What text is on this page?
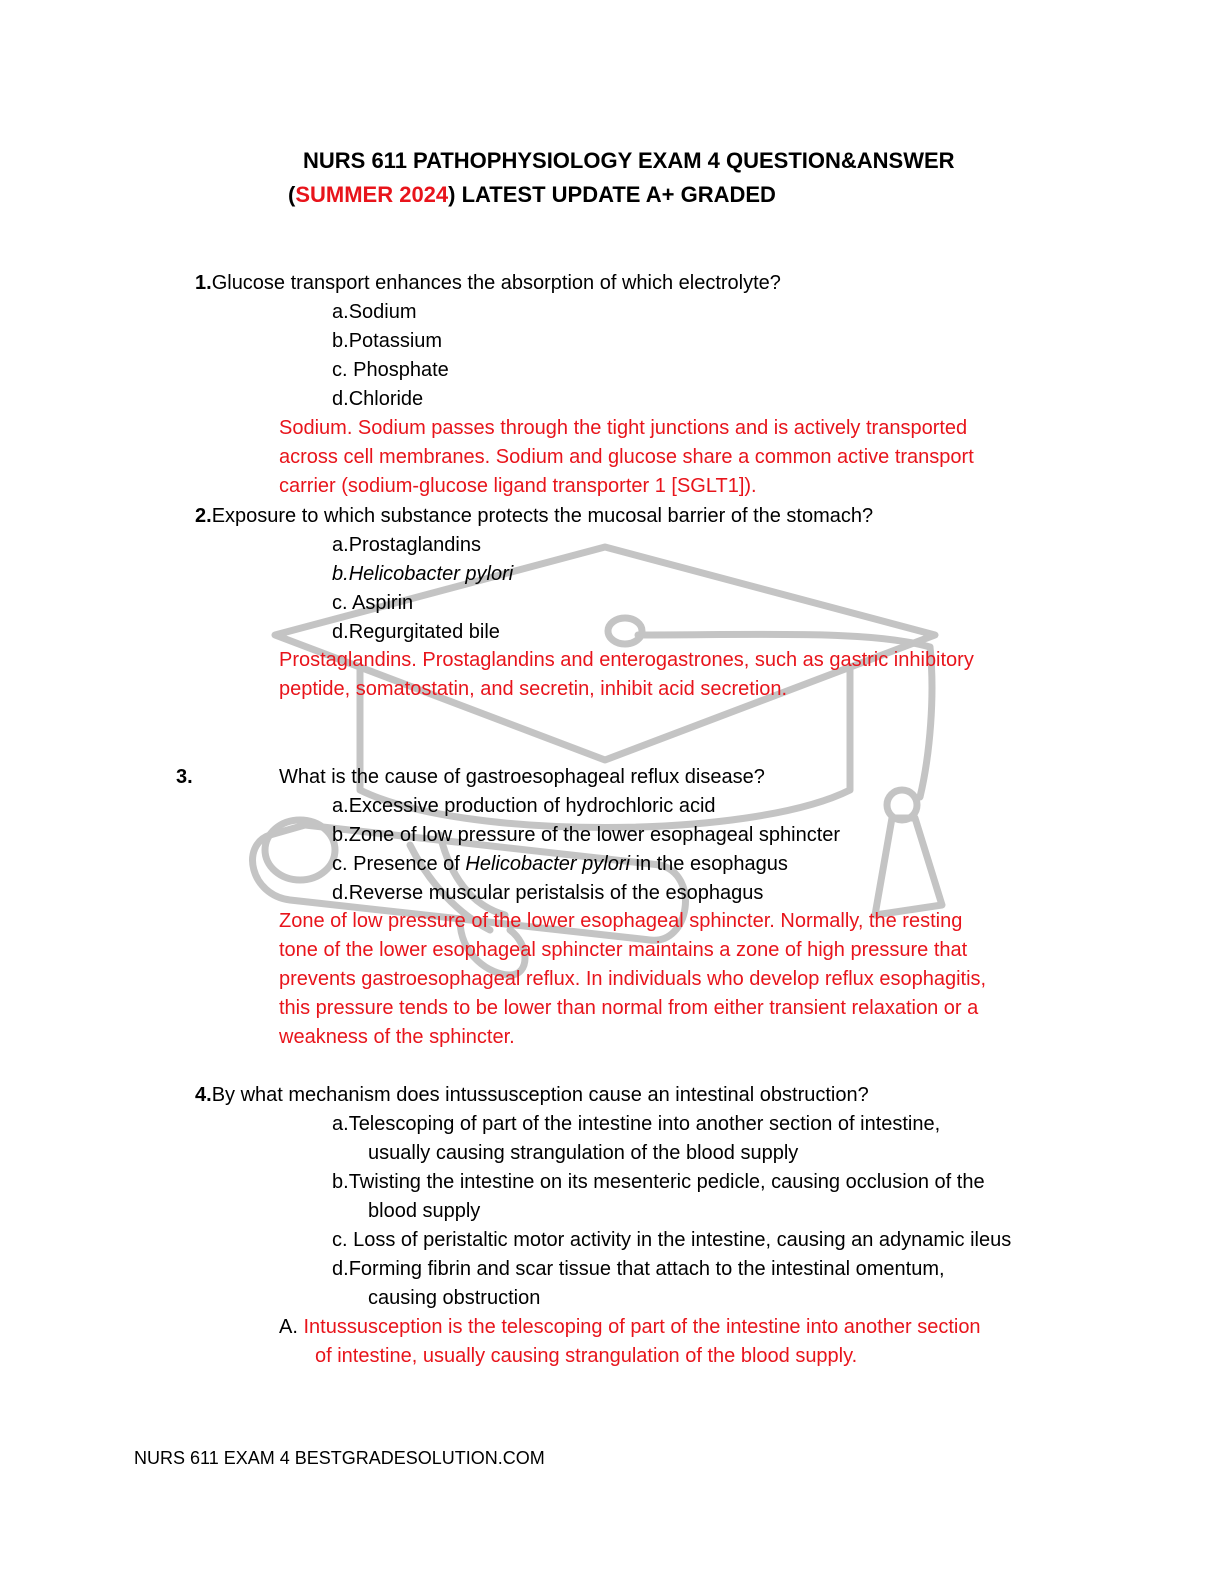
NURS 611 PATHOPHYSIOLOGY EXAM 4 QUESTION&ANSWER
(SUMMER 2024) LATEST UPDATE A+ GRADED
1.Glucose transport enhances the absorption of which electrolyte?
a.Sodium
b.Potassium
c. Phosphate
d.Chloride
Sodium. Sodium passes through the tight junctions and is actively transported
across cell membranes. Sodium and glucose share a common active transport
carrier (sodium-glucose ligand transporter 1 [SGLT1]).
2.Exposure to which substance protects the mucosal barrier of the stomach?
a.Prostaglandins
b.Helicobacter pylori
c. Aspirin
d.Regurgitated bile
Prostaglandins. Prostaglandins and enterogastrones, such as gastric inhibitory
peptide, somatostatin, and secretin, inhibit acid secretion.
3.	What is the cause of gastroesophageal reflux disease?
a.Excessive production of hydrochloric acid
b.Zone of low pressure of the lower esophageal sphincter
c. Presence of Helicobacter pylori in the esophagus
d.Reverse muscular peristalsis of the esophagus
Zone of low pressure of the lower esophageal sphincter. Normally, the resting
tone of the lower esophageal sphincter maintains a zone of high pressure that
prevents gastroesophageal reflux. In individuals who develop reflux esophagitis,
this pressure tends to be lower than normal from either transient relaxation or a
weakness of the sphincter.
4.By what mechanism does intussusception cause an intestinal obstruction?
a.Telescoping of part of the intestine into another section of intestine,
usually causing strangulation of the blood supply
b.Twisting the intestine on its mesenteric pedicle, causing occlusion of the
blood supply
c. Loss of peristaltic motor activity in the intestine, causing an adynamic ileus
d.Forming fibrin and scar tissue that attach to the intestinal omentum,
causing obstruction
A. Intussusception is the telescoping of part of the intestine into another section
of intestine, usually causing strangulation of the blood supply.
NURS 611 EXAM 4 BESTGRADESOLUTION.COM
